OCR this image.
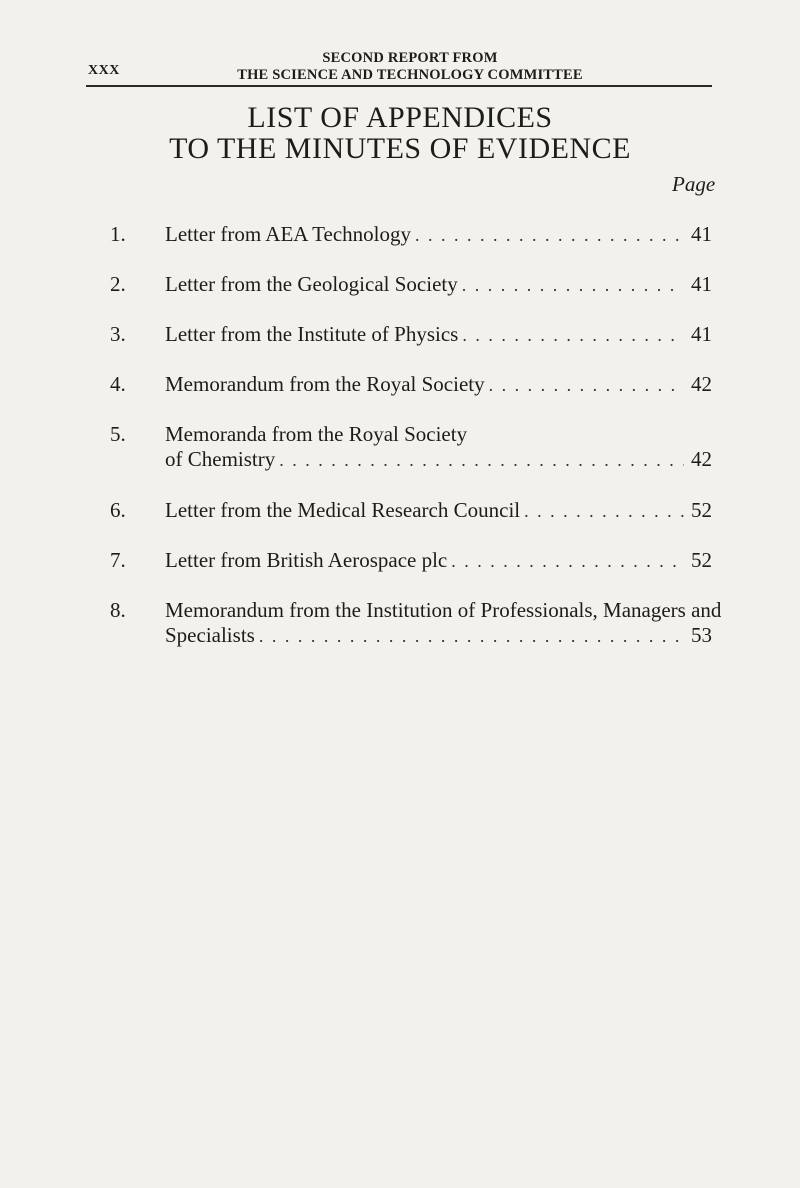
XXX
SECOND REPORT FROM
THE SCIENCE AND TECHNOLOGY COMMITTEE
LIST OF APPENDICES
TO THE MINUTES OF EVIDENCE
Page
1. Letter from AEA Technology . . .	41
2. Letter from the Geological Society . . .	41
3. Letter from the Institute of Physics . . .	41
4. Memorandum from the Royal Society . . .	42
5. Memoranda from the Royal Society
of Chemistry . . .	42
6. Letter from the Medical Research Council . . .	52
7. Letter from British Aerospace plc . . .	52
8. Memorandum from the Institution of Professionals, Managers and
Specialists . . .	53
